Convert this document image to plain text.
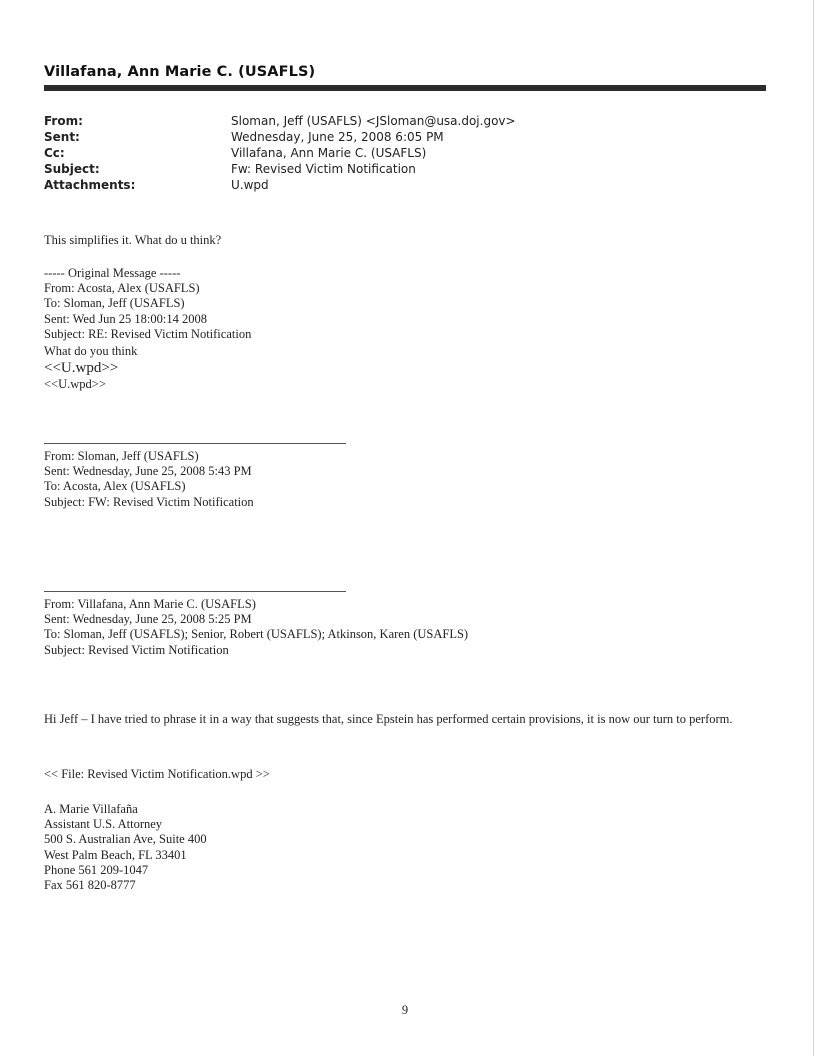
Villafana, Ann Marie C. (USAFLS)
From:	Sloman, Jeff (USAFLS) <JSloman@usa.doj.gov>
Sent:	Wednesday, June 25, 2008 6:05 PM
Cc:	Villafana, Ann Marie C. (USAFLS)
Subject:	Fw: Revised Victim Notification
Attachments:	U.wpd
This simplifies it. What do u think?
----- Original Message -----
From: Acosta, Alex (USAFLS)
To: Sloman, Jeff (USAFLS)
Sent: Wed Jun 25 18:00:14 2008
Subject: RE: Revised Victim Notification
What do you think
<<U.wpd>>
<<U.wpd>>
From: Sloman, Jeff (USAFLS)
Sent: Wednesday, June 25, 2008 5:43 PM
To: Acosta, Alex (USAFLS)
Subject: FW: Revised Victim Notification
From: Villafana, Ann Marie C. (USAFLS)
Sent: Wednesday, June 25, 2008 5:25 PM
To: Sloman, Jeff (USAFLS); Senior, Robert (USAFLS); Atkinson, Karen (USAFLS)
Subject: Revised Victim Notification
Hi Jeff – I have tried to phrase it in a way that suggests that, since Epstein has performed certain provisions, it is now our turn to perform.
<< File: Revised Victim Notification.wpd >>
A. Marie Villafaña
Assistant U.S. Attorney
500 S. Australian Ave, Suite 400
West Palm Beach, FL 33401
Phone 561 209-1047
Fax 561 820-8777
9
